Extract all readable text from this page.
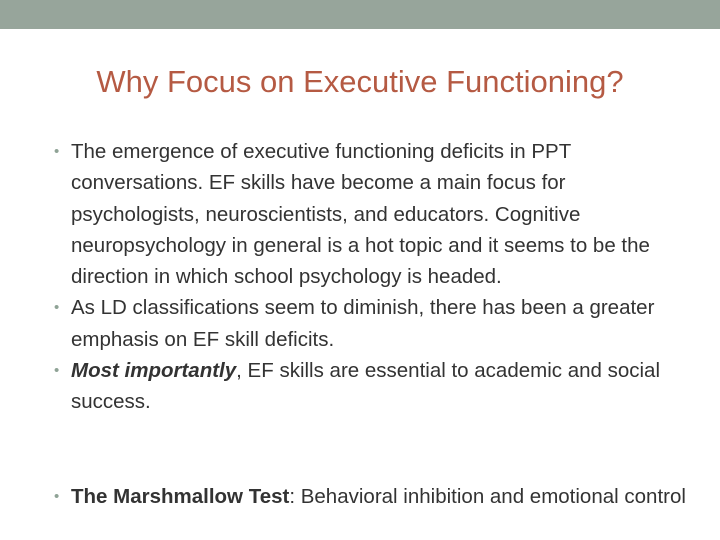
Why Focus on Executive Functioning?
• The emergence of executive functioning deficits in PPT conversations. EF skills have become a main focus for psychologists, neuroscientists, and educators. Cognitive neuropsychology in general is a hot topic and it seems to be the direction in which school psychology is headed.
• As LD classifications seem to diminish, there has been a greater emphasis on EF skill deficits.
• Most importantly, EF skills are essential to academic and social success.
• The Marshmallow Test: Behavioral inhibition and emotional control
